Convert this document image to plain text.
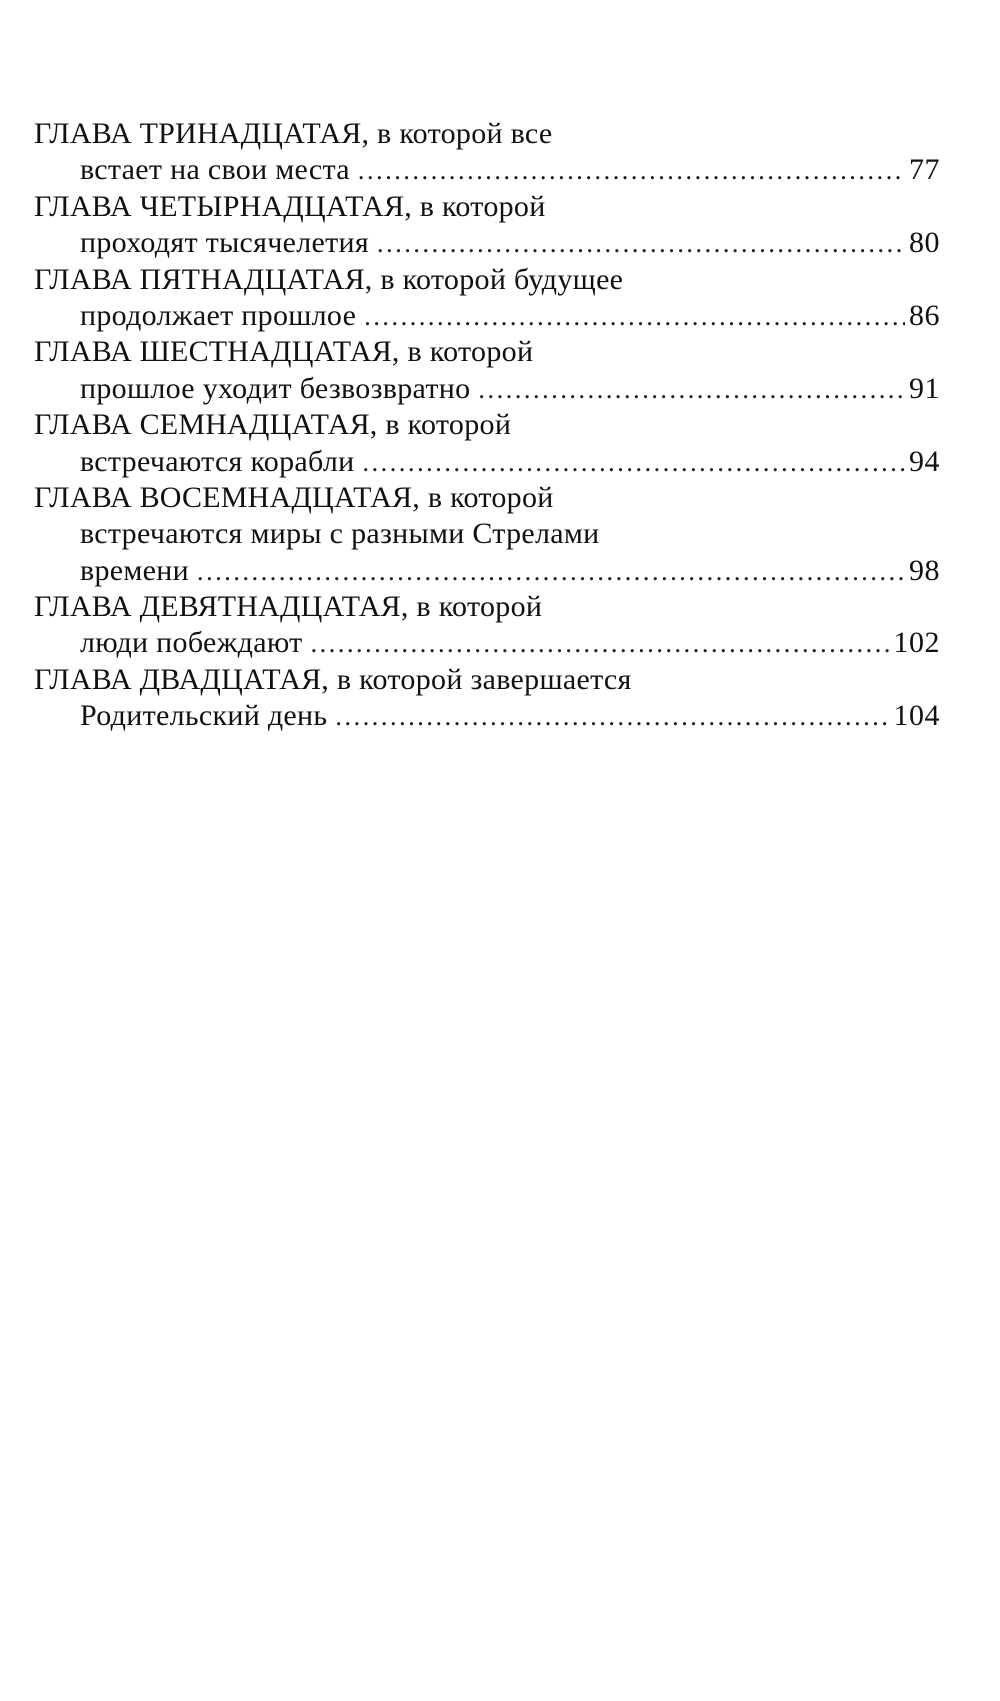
ГЛАВА ТРИНАДЦАТАЯ, в которой все
встает на свои места .....	77
ГЛАВА ЧЕТЫРНАДЦАТАЯ, в которой
проходят тысячелетия .....	80
ГЛАВА ПЯТНАДЦАТАЯ, в которой будущее
продолжает прошлое .....	86
ГЛАВА ШЕСТНАДЦАТАЯ, в которой
прошлое уходит безвозвратно .....	91
ГЛАВА СЕМНАДЦАТАЯ, в которой
встречаются корабли .....	94
ГЛАВА ВОСЕМНАДЦАТАЯ, в которой
встречаются миры с разными Стрелами
времени .....	98
ГЛАВА ДЕВЯТНАДЦАТАЯ, в которой
люди побеждают .....	102
ГЛАВА ДВАДЦАТАЯ, в которой завершается
Родительский день .....	104
